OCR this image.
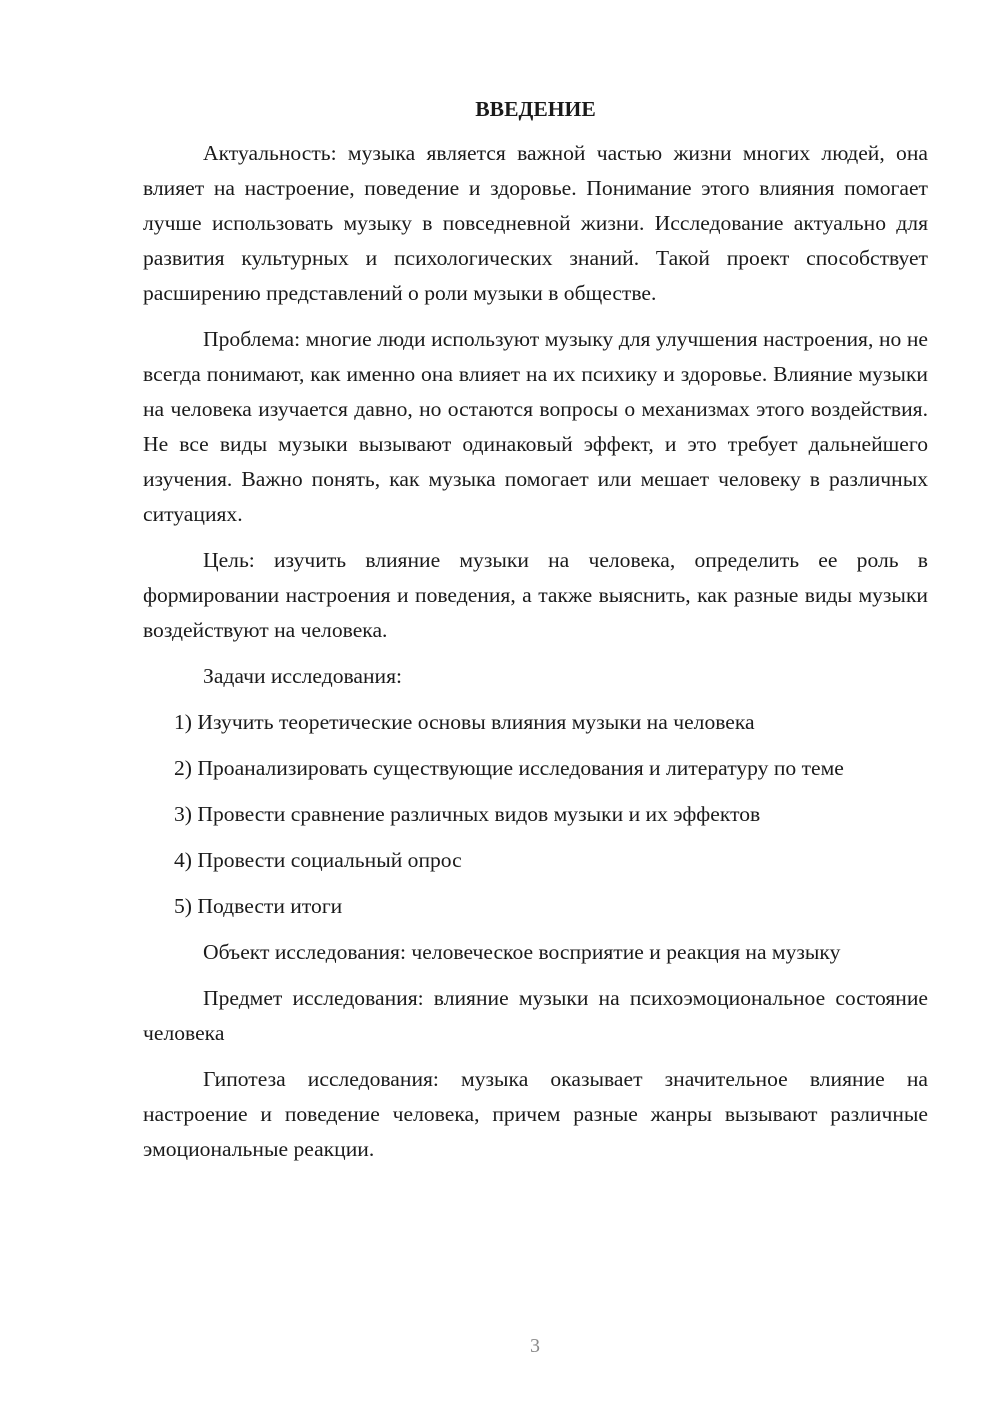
ВВЕДЕНИЕ

Актуальность: музыка является важной частью жизни многих людей, она влияет на настроение, поведение и здоровье. Понимание этого влияния помогает лучше использовать музыку в повседневной жизни. Исследование актуально для развития культурных и психологических знаний. Такой проект способствует расширению представлений о роли музыки в обществе.

Проблема: многие люди используют музыку для улучшения настроения, но не всегда понимают, как именно она влияет на их психику и здоровье. Влияние музыки на человека изучается давно, но остаются вопросы о механизмах этого воздействия. Не все виды музыки вызывают одинаковый эффект, и это требует дальнейшего изучения. Важно понять, как музыка помогает или мешает человеку в различных ситуациях.

Цель: изучить влияние музыки на человека, определить ее роль в формировании настроения и поведения, а также выяснить, как разные виды музыки воздействуют на человека.

Задачи исследования:

1) Изучить теоретические основы влияния музыки на человека

2) Проанализировать существующие исследования и литературу по теме

3) Провести сравнение различных видов музыки и их эффектов

4) Провести социальный опрос

5) Подвести итоги

Объект исследования: человеческое восприятие и реакция на музыку

Предмет исследования: влияние музыки на психоэмоциональное состояние человека

Гипотеза исследования: музыка оказывает значительное влияние на настроение и поведение человека, причем разные жанры вызывают различные эмоциональные реакции.

3
